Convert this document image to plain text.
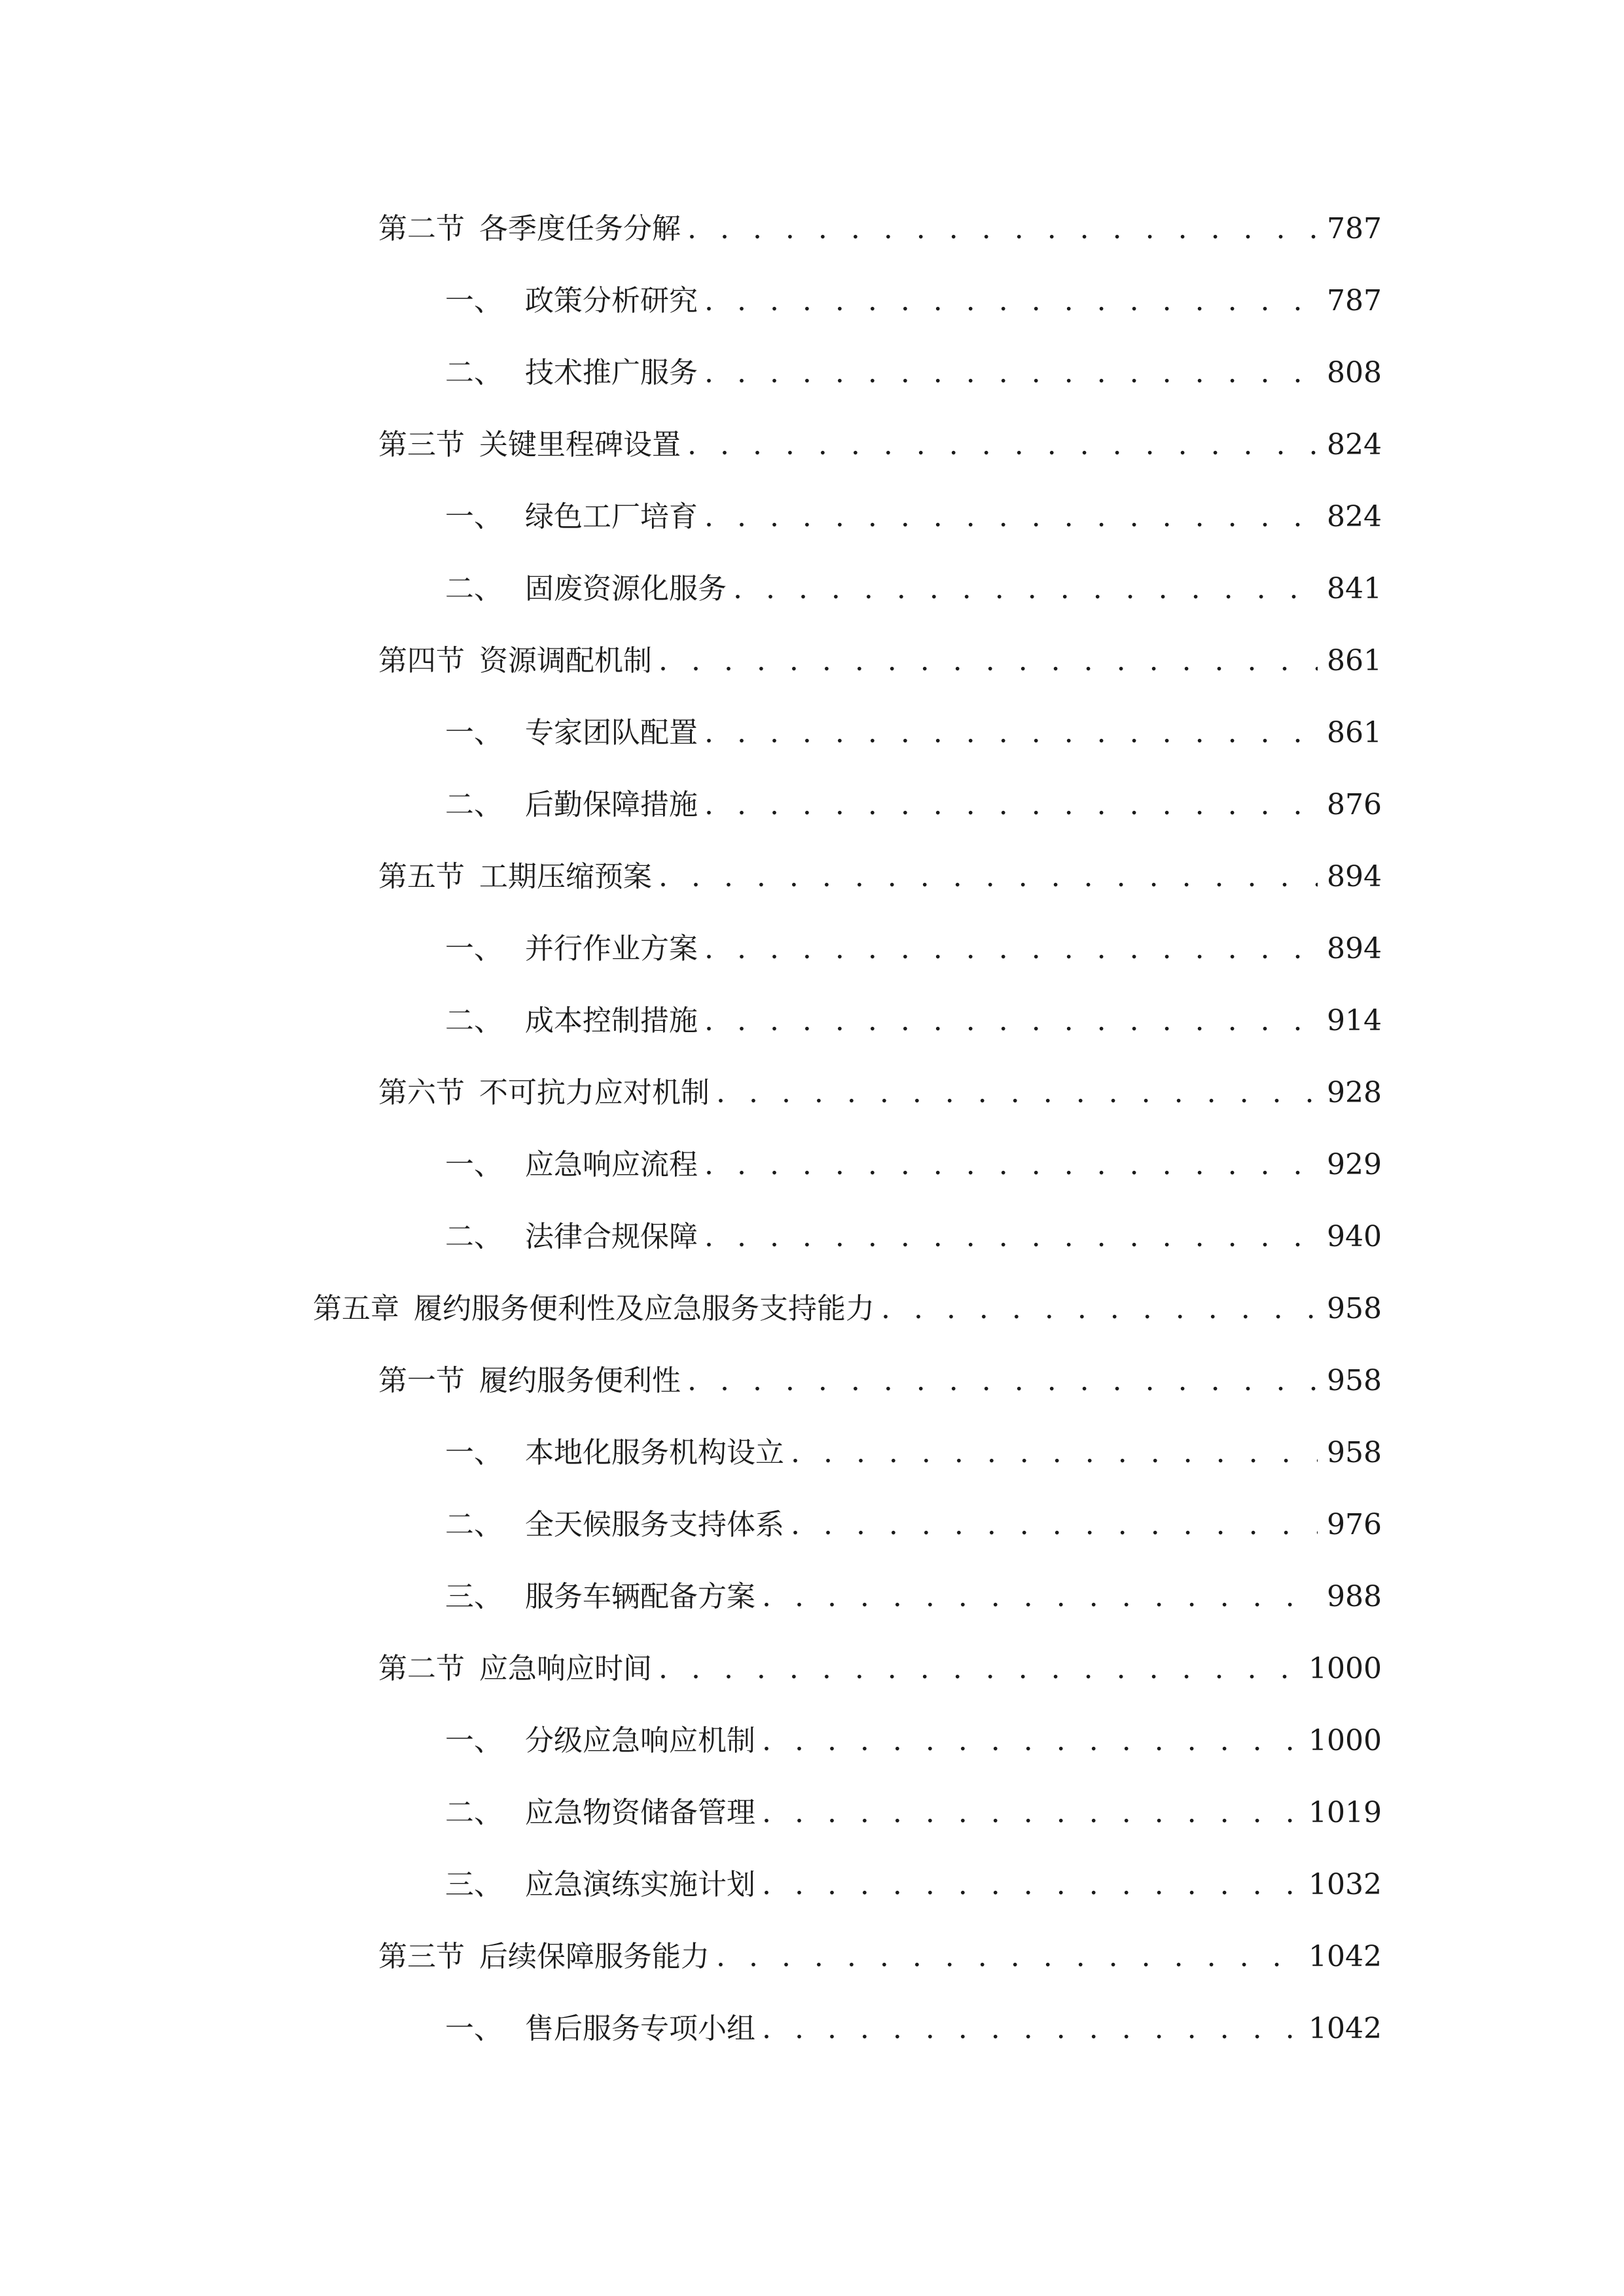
第二节 各季度任务分解 . . .	787
一、 政策分析研究 . . .	787
二、 技术推广服务 . . .	808
第三节 关键里程碑设置 . . .	824
一、 绿色工厂培育 . . .	824
二、 固废资源化服务 . . .	841
第四节 资源调配机制 . . .	861
一、 专家团队配置 . . .	861
二、 后勤保障措施 . . .	876
第五节 工期压缩预案 . . .	894
一、 并行作业方案 . . .	894
二、 成本控制措施 . . .	914
第六节 不可抗力应对机制 . . .	928
一、 应急响应流程 . . .	929
二、 法律合规保障 . . .	940
第五章 履约服务便利性及应急服务支持能力 . . .	958
第一节 履约服务便利性 . . .	958
一、 本地化服务机构设立 . . .	958
二、 全天候服务支持体系 . . .	976
三、 服务车辆配备方案 . . .	988
第二节 应急响应时间 . . .	1000
一、 分级应急响应机制 . . .	1000
二、 应急物资储备管理 . . .	1019
三、 应急演练实施计划 . . .	1032
第三节 后续保障服务能力 . . .	1042
一、 售后服务专项小组 . . .	1042
